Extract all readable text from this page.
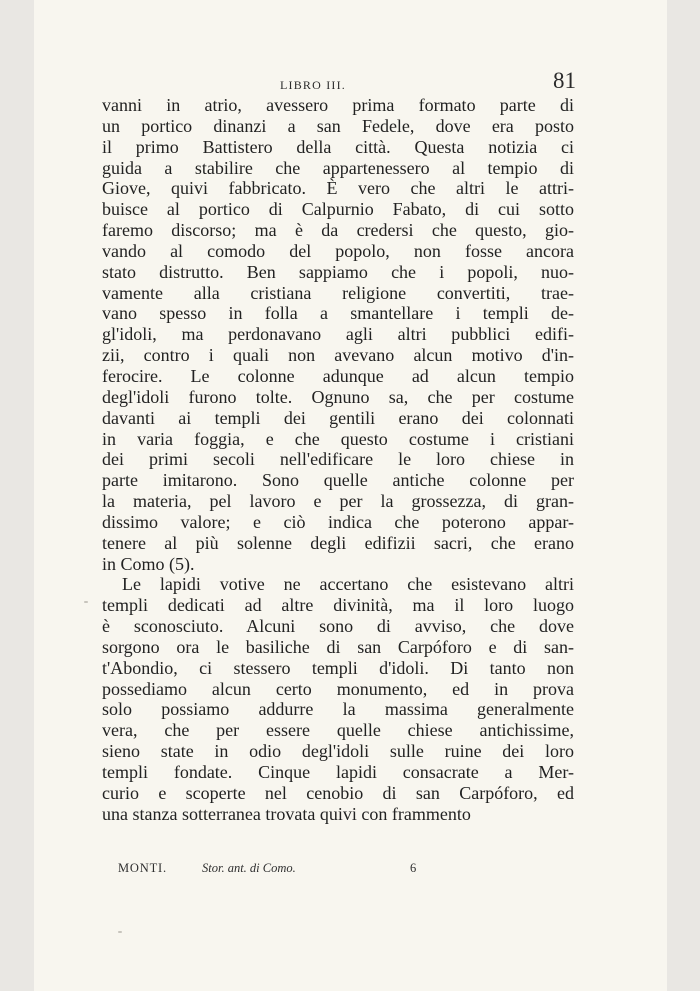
LIBRO III.	81
vanni in atrio, avessero prima formato parte di
un portico dinanzi a san Fedele, dove era posto
il primo Battistero della città. Questa notizia ci
guida a stabilire che appartenessero al tempio di
Giove, quivi fabbricato. È vero che altri le attri-
buisce al portico di Calpurnio Fabato, di cui sotto
faremo discorso; ma è da credersi che questo, gio-
vando al comodo del popolo, non fosse ancora
stato distrutto. Ben sappiamo che i popoli, nuo-
vamente alla cristiana religione convertiti, trae-
vano spesso in folla a smantellare i templi de-
gl'idoli, ma perdonavano agli altri pubblici edifi-
zii, contro i quali non avevano alcun motivo d'in-
ferocire. Le colonne adunque ad alcun tempio
degl'idoli furono tolte. Ognuno sa, che per costume
davanti ai templi dei gentili erano dei colonnati
in varia foggia, e che questo costume i cristiani
dei primi secoli nell'edificare le loro chiese in
parte imitarono. Sono quelle antiche colonne per
la materia, pel lavoro e per la grossezza, di gran-
dissimo valore; e ciò indica che poterono appar-
tenere al più solenne degli edifizii sacri, che erano
in Como (5).
Le lapidi votive ne accertano che esistevano altri
templi dedicati ad altre divinità, ma il loro luogo
è sconosciuto. Alcuni sono di avviso, che dove
sorgono ora le basiliche di san Carpóforo e di san-
t'Abondio, ci stessero templi d'idoli. Di tanto non
possediamo alcun certo monumento, ed in prova
solo possiamo addurre la massima generalmente
vera, che per essere quelle chiese antichissime,
sieno state in odio degl'idoli sulle ruine dei loro
templi fondate. Cinque lapidi consacrate a Mer-
curio e scoperte nel cenobio di san Carpóforo, ed
una stanza sotterranea trovata quivi con frammento
MONTI.	Stor. ant. di Como.	6
